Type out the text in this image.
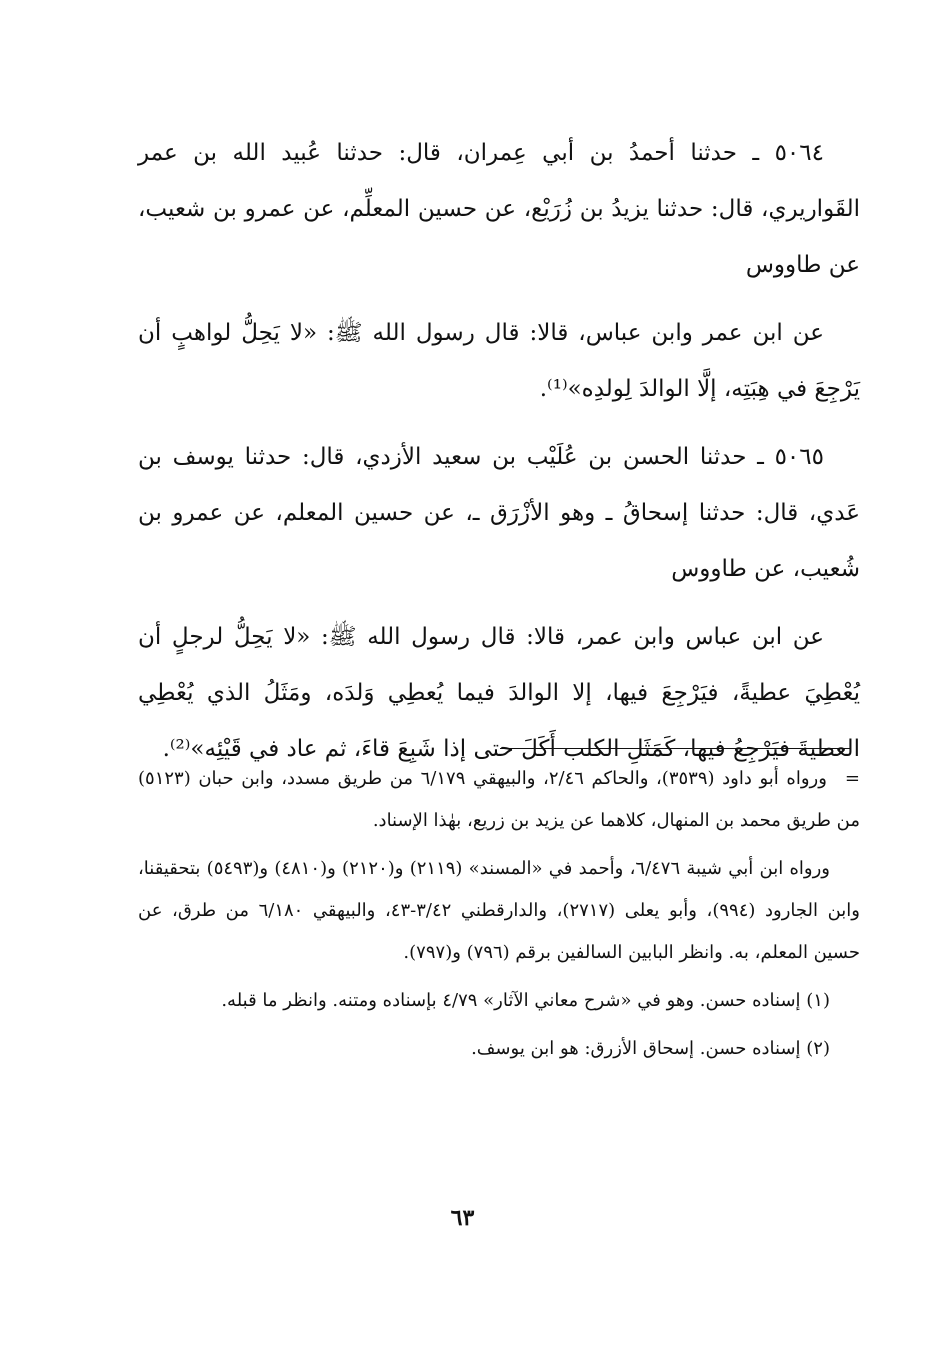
٥٠٦٤ ـ حدثنا أحمدُ بن أبي عِمران، قال: حدثنا عُبيد الله بن عمر القَواريري، قال: حدثنا يزيدُ بن زُرَيْع، عن حسين المعلِّم، عن عمرو بن شعيب، عن طاووس

عن ابن عمر وابن عباس، قالا: قال رسول الله ﷺ: «لا يَحِلُّ لواهبٍ أن يَرْجِعَ في هِبَتِه، إلَّا الوالدَ لِولدِه»⁽¹⁾.

٥٠٦٥ ـ حدثنا الحسن بن عُلَيْب بن سعيد الأزدي، قال: حدثنا يوسف بن عَدي، قال: حدثنا إسحاقُ ـ وهو الأزْرَق ـ، عن حسين المعلم، عن عمرو بن شُعيب، عن طاووس

عن ابن عباس وابن عمر، قالا: قال رسول الله ﷺ: «لا يَحِلُّ لرجلٍ أن يُعْطِيَ عطيةً، فيَرْجِعَ فيها، إلا الوالدَ فيما يُعطِي وَلدَه، ومَثَلُ الذي يُعْطِي العطيةَ فيَرْجِعُ فيها، كَمَثَلِ الكلب أَكَلَ حتى إذا شَبِعَ قاءَ، ثم عاد في قَيْئِه»⁽²⁾.

=ورواه أبو داود (٣٥٣٩)، والحاكم ٢/٤٦، والبيهقي ٦/١٧٩ من طريق مسدد، وابن حبان (٥١٢٣) من طريق محمد بن المنهال، كلاهما عن يزيد بن زريع، بهٰذا الإسناد.

ورواه ابن أبي شيبة ٦/٤٧٦، وأحمد في «المسند» (٢١١٩) و(٢١٢٠) و(٤٨١٠) و(٥٤٩٣) بتحقيقنا، وابن الجارود (٩٩٤)، وأبو يعلى (٢٧١٧)، والدارقطني ٣/٤٢-٤٣، والبيهقي ٦/١٨٠ من طرق، عن حسين المعلم، به. وانظر البابين السالفين برقم (٧٩٦) و(٧٩٧).

(١) إسناده حسن. وهو في «شرح معاني الآثار» ٤/٧٩ بإسناده ومتنه. وانظر ما قبله.

(٢) إسناده حسن. إسحاق الأزرق: هو ابن يوسف.

٦٣
